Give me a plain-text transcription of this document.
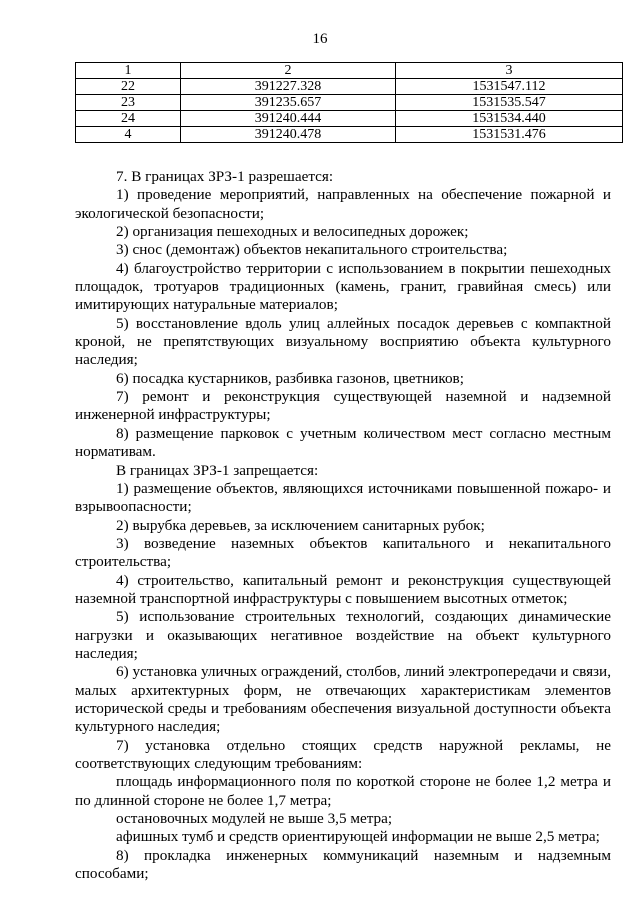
16
1	2	3
22	391227.328	1531547.112
23	391235.657	1531535.547
24	391240.444	1531534.440
4	391240.478	1531531.476

7. В границах ЗРЗ-1 разрешается:

1) проведение мероприятий, направленных на обеспечение пожарной и экологической безопасности;

2) организация пешеходных и велосипедных дорожек;

3) снос (демонтаж) объектов некапитального строительства;

4) благоустройство территории с использованием в покрытии пешеходных площадок, тротуаров традиционных (камень, гранит, гравийная смесь) или имитирующих натуральные материалов;

5) восстановление вдоль улиц аллейных посадок деревьев с компактной кроной, не препятствующих визуальному восприятию объекта культурного наследия;

6) посадка кустарников, разбивка газонов, цветников;

7) ремонт и реконструкция существующей наземной и надземной инженерной инфраструктуры;

8) размещение парковок с учетным количеством мест согласно местным нормативам.

В границах ЗРЗ-1 запрещается:

1) размещение объектов, являющихся источниками повышенной пожаро- и взрывоопасности;

2) вырубка деревьев, за исключением санитарных рубок;

3) возведение наземных объектов капитального и некапитального строительства;

4) строительство, капитальный ремонт и реконструкция существующей наземной транспортной инфраструктуры с повышением высотных отметок;

5) использование строительных технологий, создающих динамические нагрузки и оказывающих негативное воздействие на объект культурного наследия;

6) установка уличных ограждений, столбов, линий электропередачи и связи, малых архитектурных форм, не отвечающих характеристикам элементов исторической среды и требованиям обеспечения визуальной доступности объекта культурного наследия;

7) установка отдельно стоящих средств наружной рекламы, не соответствующих следующим требованиям:

площадь информационного поля по короткой стороне не более 1,2 метра и по длинной стороне не более 1,7 метра;

остановочных модулей не выше 3,5 метра;

афишных тумб и средств ориентирующей информации не выше 2,5 метра;

8) прокладка инженерных коммуникаций наземным и надземным способами;
